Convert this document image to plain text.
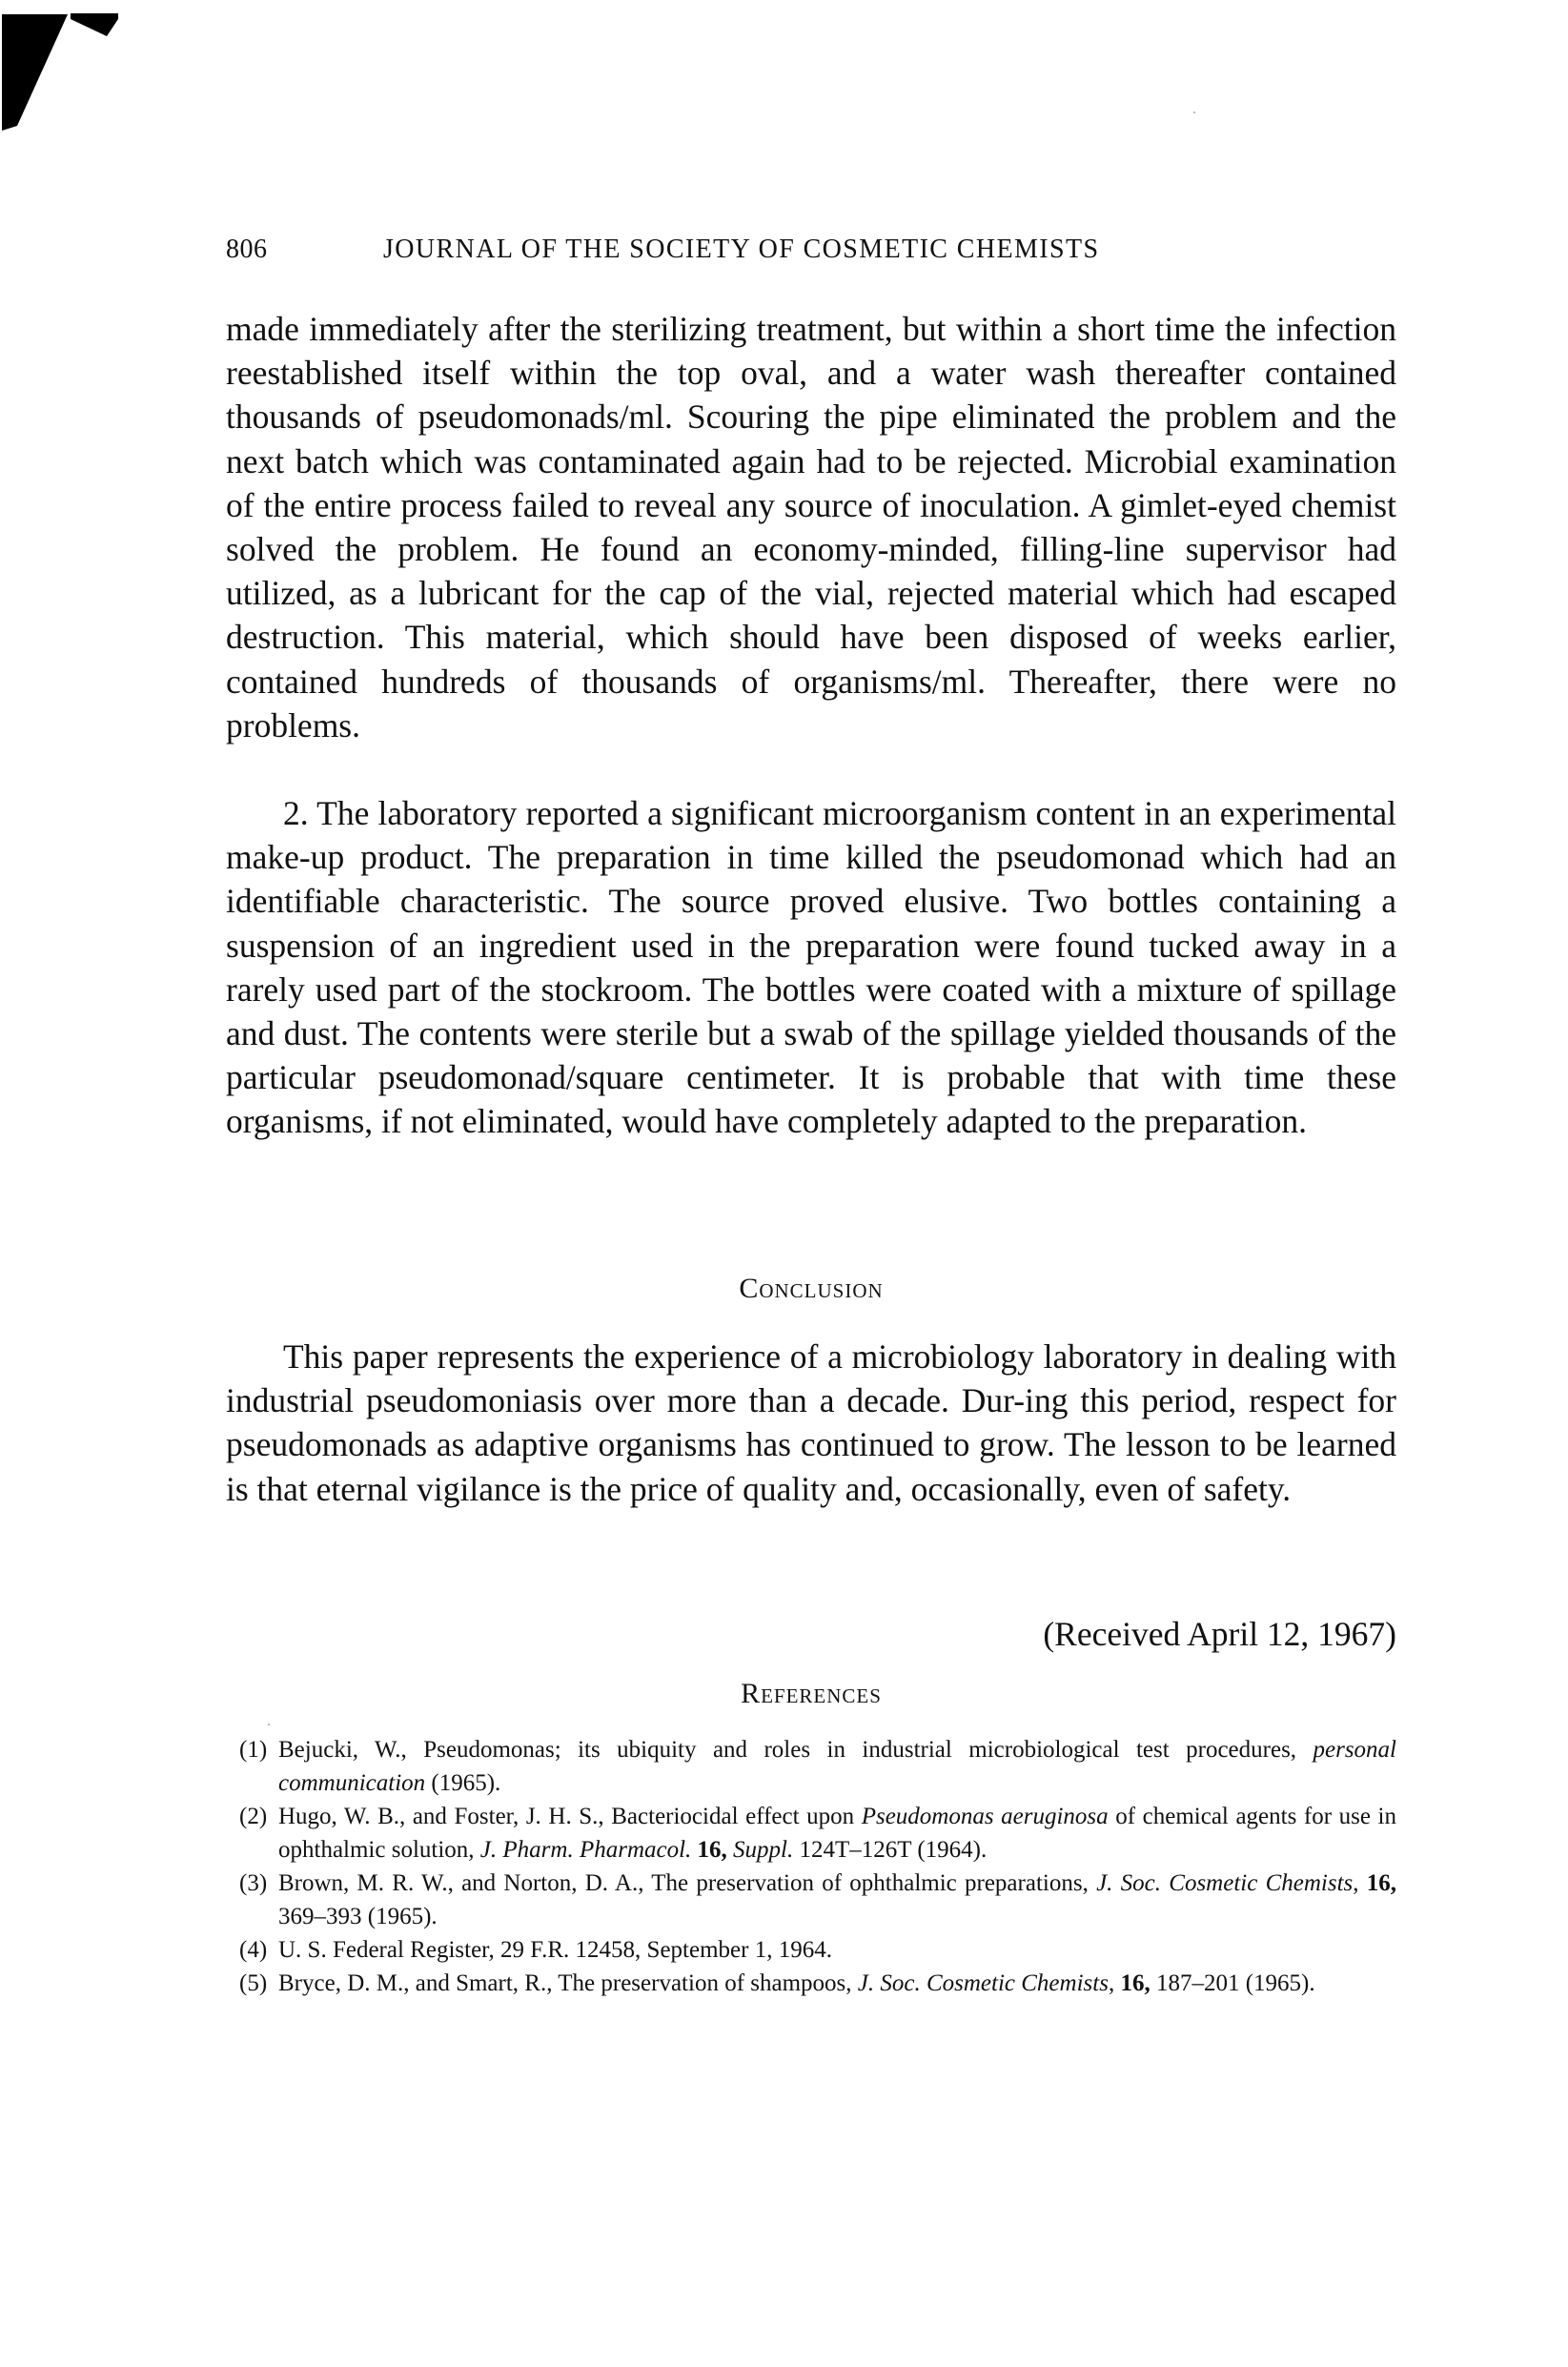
806	JOURNAL OF THE SOCIETY OF COSMETIC CHEMISTS

made immediately after the sterilizing treatment, but within a short time the infection reestablished itself within the top oval, and a water wash thereafter contained thousands of pseudomonads/ml. Scouring the pipe eliminated the problem and the next batch which was contaminated again had to be rejected. Microbial examination of the entire process failed to reveal any source of inoculation. A gimlet-eyed chemist solved the problem. He found an economy-minded, filling-line supervisor had utilized, as a lubricant for the cap of the vial, rejected material which had escaped destruction. This material, which should have been disposed of weeks earlier, contained hundreds of thousands of organisms/ml. Thereafter, there were no problems.

2. The laboratory reported a significant microorganism content in an experimental make-up product. The preparation in time killed the pseudomonad which had an identifiable characteristic. The source proved elusive. Two bottles containing a suspension of an ingredient used in the preparation were found tucked away in a rarely used part of the stockroom. The bottles were coated with a mixture of spillage and dust. The contents were sterile but a swab of the spillage yielded thousands of the particular pseudomonad/square centimeter. It is probable that with time these organisms, if not eliminated, would have completely adapted to the preparation.

Conclusion

This paper represents the experience of a microbiology laboratory in dealing with industrial pseudomoniasis over more than a decade. Dur-ing this period, respect for pseudomonads as adaptive organisms has continued to grow. The lesson to be learned is that eternal vigilance is the price of quality and, occasionally, even of safety.

(Received April 12, 1967)
References
(1) Bejucki, W., Pseudomonas; its ubiquity and roles in industrial microbiological test procedures, personal communication (1965).
(2) Hugo, W. B., and Foster, J. H. S., Bacteriocidal effect upon Pseudomonas aeruginosa of chemical agents for use in ophthalmic solution, J. Pharm. Pharmacol. 16, Suppl. 124T–126T (1964).
(3) Brown, M. R. W., and Norton, D. A., The preservation of ophthalmic preparations, J. Soc. Cosmetic Chemists, 16, 369–393 (1965).
(4) U. S. Federal Register, 29 F.R. 12458, September 1, 1964.
(5) Bryce, D. M., and Smart, R., The preservation of shampoos, J. Soc. Cosmetic Chemists, 16, 187–201 (1965).
